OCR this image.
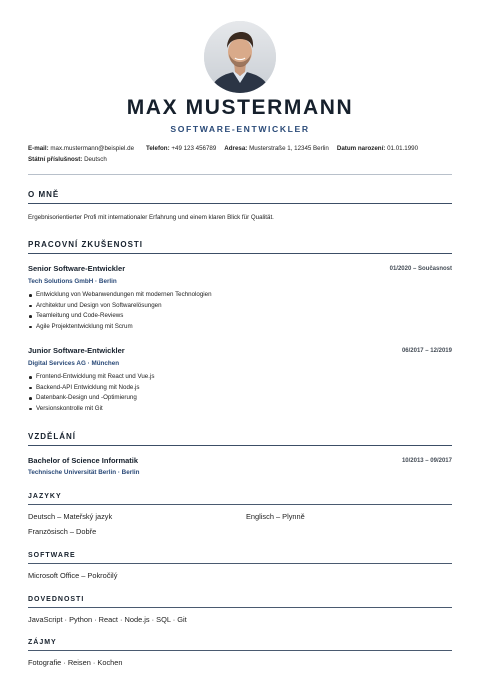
MAX MUSTERMANN
SOFTWARE-ENTWICKLER
E-mail: max.mustermann@beispiel.de Telefon: +49 123 456789 Adresa: Musterstraße 1, 12345 Berlin Datum narození: 01.01.1990
Státní příslušnost: Deutsch
O MNĚ
Ergebnisorientierter Profi mit internationaler Erfahrung und einem klaren Blick für Qualität.
PRACOVNÍ ZKUŠENOSTI
Senior Software-Entwickler	01/2020 – Současnost
Tech Solutions GmbH · Berlin
Entwicklung von Webanwendungen mit modernen Technologien
Architektur und Design von Softwarelösungen
Teamleitung und Code-Reviews
Agile Projektentwicklung mit Scrum
Junior Software-Entwickler	06/2017 – 12/2019
Digital Services AG · München
Frontend-Entwicklung mit React und Vue.js
Backend-API Entwicklung mit Node.js
Datenbank-Design und -Optimierung
Versionskontrolle mit Git
VZDĚLÁNÍ
Bachelor of Science Informatik	10/2013 – 09/2017
Technische Universität Berlin · Berlin
JAZYKY
Deutsch – Mateřský jazyk	Englisch – Plynně
Französisch – Dobře
SOFTWARE
Microsoft Office – Pokročilý
DOVEDNOSTI
JavaScript · Python · React · Node.js · SQL · Git
ZÁJMY
Fotografie · Reisen · Kochen
